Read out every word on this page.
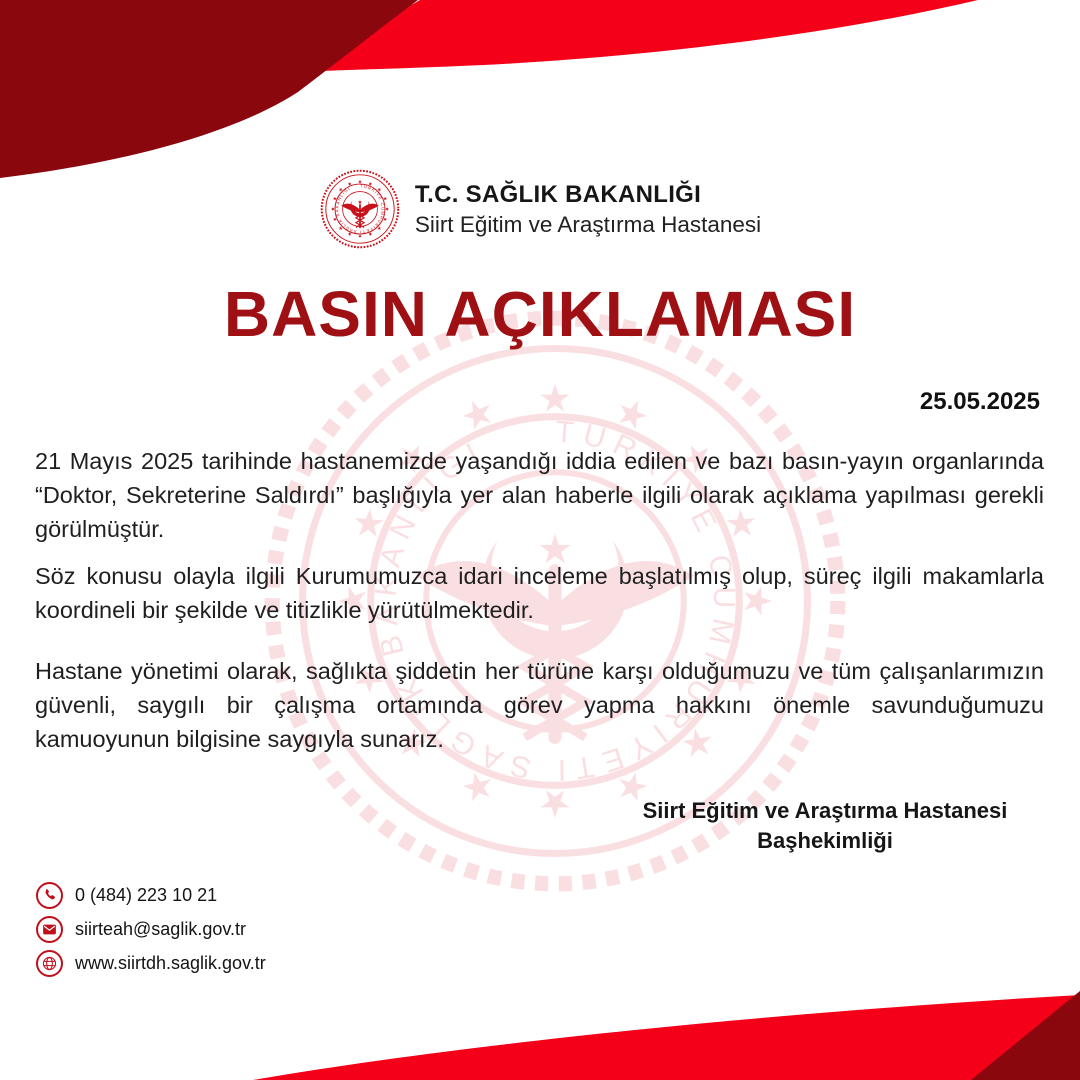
T.C. SAĞLIK BAKANLIĞI
Siirt Eğitim ve Araştırma Hastanesi
BASIN AÇIKLAMASI
25.05.2025

21 Mayıs 2025 tarihinde hastanemizde yaşandığı iddia edilen ve bazı basın-yayın organlarında “Doktor, Sekreterine Saldırdı” başlığıyla yer alan haberle ilgili olarak açıklama yapılması gerekli görülmüştür.

Söz konusu olayla ilgili Kurumumuzca idari inceleme başlatılmış olup, süreç ilgili makamlarla koordineli bir şekilde ve titizlikle yürütülmektedir.

Hastane yönetimi olarak, sağlıkta şiddetin her türüne karşı olduğumuzu ve tüm çalışanlarımızın güvenli, saygılı bir çalışma ortamında görev yapma hakkını önemle savunduğumuzu kamuoyunun bilgisine saygıyla sunarız.

Siirt Eğitim ve Araştırma Hastanesi
Başhekimliği
0 (484) 223 10 21
siirteah@saglik.gov.tr
www.siirtdh.saglik.gov.tr
